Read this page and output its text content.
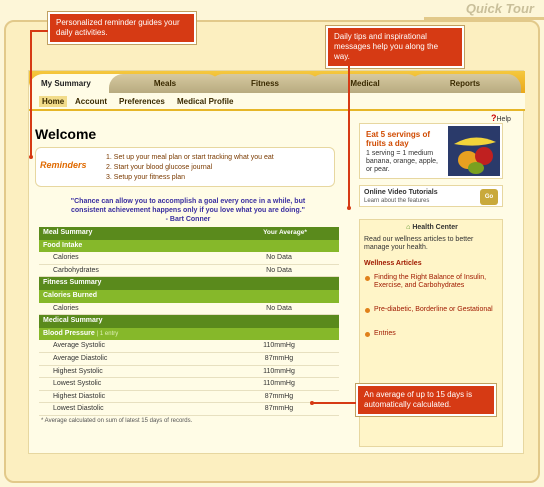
Quick Tour
My Summary	Meals	Fitness	Medical	Reports
Home	Account Preferences Medical Profile
?Help
Welcome
Reminders
1. Set up your meal plan or start tracking what you eat
2. Start your blood glucose journal
3. Setup your fitness plan
"Chance can allow you to accomplish a goal every once in a while, but consistent achievement happens only if you love what you are doing."
- Bart Conner
Meal Summary	Your Average*
Food Intake
Calories	No Data
Carbohydrates	No Data
Fitness Summary
Calories Burned
Calories	No Data
Medical Summary
Blood Pressure | 1 entry
Average Systolic	110mmHg
Average Diastolic	87mmHg
Highest Systolic	110mmHg
Lowest Systolic	110mmHg
Highest Diastolic	87mmHg
Lowest Diastolic	87mmHg
* Average calculated on sum of latest 15 days of records.
Eat 5 servings of fruits a day
1 serving = 1 medium banana, orange, apple, or pear.
Online Video Tutorials
Learn about the features
Go
⌂ Health Center
Read our wellness articles to better manage your health.
Wellness Articles
Finding the Right Balance of Insulin, Exercise, and Carbohydrates
Pre-diabetic, Borderline or Gestational
Entries
Personalized reminder guides your daily activities.	Daily tips and inspirational messages help you along the way.
An average of up to 15 days is automatically calculated.
